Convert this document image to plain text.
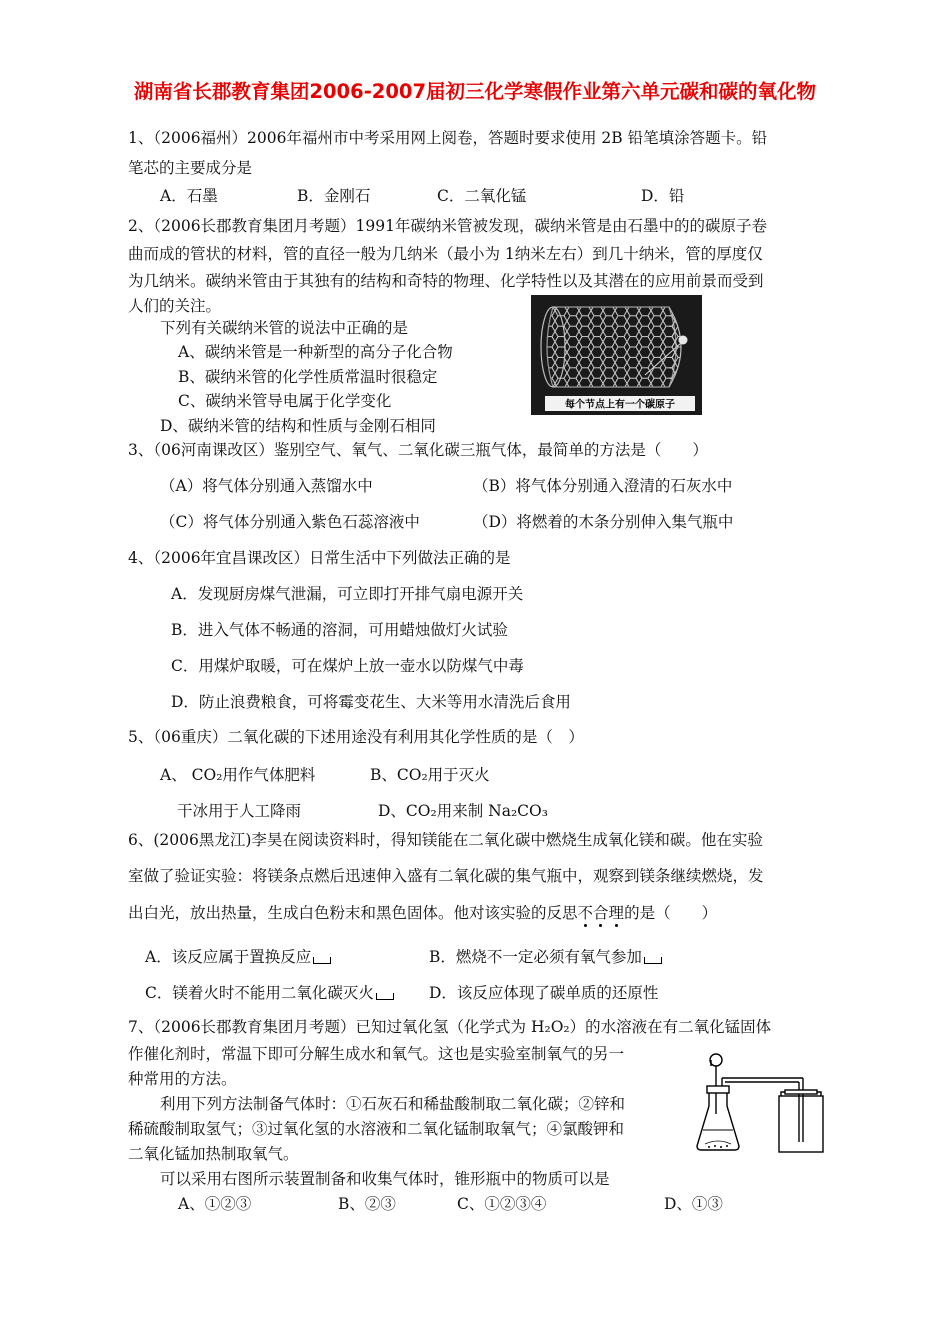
湖南省长郡教育集团2006-2007届初三化学寒假作业第六单元碳和碳的氧化物
1、（2006福州）2006年福州市中考采用网上阅卷，答题时要求使用 2B 铅笔填涂答题卡。铅
笔芯的主要成分是
A．石墨	B．金刚石	C．二氧化锰	D．铅
2、（2006长郡教育集团月考题）1991年碳纳米管被发现，碳纳米管是由石墨中的的碳原子卷
曲而成的管状的材料，管的直径一般为几纳米（最小为 1纳米左右）到几十纳米，管的厚度仅
为几纳米。碳纳米管由于其独有的结构和奇特的物理、化学特性以及其潜在的应用前景而受到
人们的关注。
下列有关碳纳米管的说法中正确的是
A、碳纳米管是一种新型的高分子化合物
B、碳纳米管的化学性质常温时很稳定
C、碳纳米管导电属于化学变化
D、碳纳米管的结构和性质与金刚石相同
每个节点上有一个碳原子
3、（06河南课改区）鉴别空气、氧气、二氧化碳三瓶气体，最简单的方法是（　　）
（A）将气体分别通入蒸馏水中	（B）将气体分别通入澄清的石灰水中
（C）将气体分别通入紫色石蕊溶液中	（D）将燃着的木条分别伸入集气瓶中
4、（2006年宜昌课改区）日常生活中下列做法正确的是
A．发现厨房煤气泄漏，可立即打开排气扇电源开关
B．进入气体不畅通的溶洞，可用蜡烛做灯火试验
C．用煤炉取暖，可在煤炉上放一壶水以防煤气中毒
D．防止浪费粮食，可将霉变花生、大米等用水清洗后食用
5、（06重庆）二氧化碳的下述用途没有利用其化学性质的是（　）
A、 CO₂用作气体肥料	B、CO₂用于灭火
干冰用于人工降雨	D、CO₂用来制 Na₂CO₃
6、(2006黑龙江)李昊在阅读资料时，得知镁能在二氧化碳中燃烧生成氧化镁和碳。他在实验
室做了验证实验：将镁条点燃后迅速伸入盛有二氧化碳的集气瓶中，观察到镁条继续燃烧，发
出白光，放出热量，生成白色粉末和黑色固体。他对该实验的反思不合理的是（　　）
A．该反应属于置换反应	B．燃烧不一定必须有氧气参加
C．镁着火时不能用二氧化碳灭火	D．该反应体现了碳单质的还原性
7、（2006长郡教育集团月考题）已知过氧化氢（化学式为 H₂O₂）的水溶液在有二氧化锰固体
作催化剂时，常温下即可分解生成水和氧气。这也是实验室制氧气的另一
种常用的方法。
利用下列方法制备气体时：①石灰石和稀盐酸制取二氧化碳；②锌和
稀硫酸制取氢气；③过氧化氢的水溶液和二氧化锰制取氧气；④氯酸钾和
二氧化锰加热制取氧气。
可以采用右图所示装置制备和收集气体时，锥形瓶中的物质可以是
A、①②③	B、②③	C、①②③④	D、①③
